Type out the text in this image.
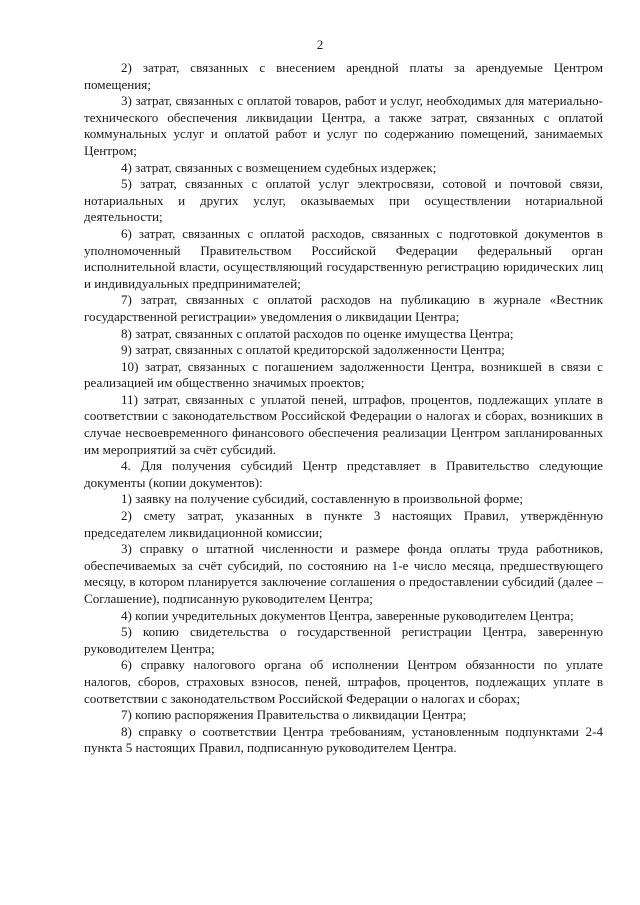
2

2) затрат, связанных с внесением арендной платы за арендуемые Центром помещения;

3) затрат, связанных с оплатой товаров, работ и услуг, необходимых для материально-технического обеспечения ликвидации Центра, а также затрат, связанных с оплатой коммунальных услуг и оплатой работ и услуг по содержанию помещений, занимаемых Центром;

4) затрат, связанных с возмещением судебных издержек;

5) затрат, связанных с оплатой услуг электросвязи, сотовой и почтовой связи, нотариальных и других услуг, оказываемых при осуществлении нотариальной деятельности;

6) затрат, связанных с оплатой расходов, связанных с подготовкой документов в уполномоченный Правительством Российской Федерации федеральный орган исполнительной власти, осуществляющий государственную регистрацию юридических лиц и индивидуальных предпринимателей;

7) затрат, связанных с оплатой расходов на публикацию в журнале «Вестник государственной регистрации» уведомления о ликвидации Центра;

8) затрат, связанных с оплатой расходов по оценке имущества Центра;

9) затрат, связанных с оплатой кредиторской задолженности Центра;

10) затрат, связанных с погашением задолженности Центра, возникшей в связи с реализацией им общественно значимых проектов;

11) затрат, связанных с уплатой пеней, штрафов, процентов, подлежащих уплате в соответствии с законодательством Российской Федерации о налогах и сборах, возникших в случае несвоевременного финансового обеспечения реализации Центром запланированных им мероприятий за счёт субсидий.

4. Для получения субсидий Центр представляет в Правительство следующие документы (копии документов):

1) заявку на получение субсидий, составленную в произвольной форме;

2) смету затрат, указанных в пункте 3 настоящих Правил, утверждённую председателем ликвидационной комиссии;

3) справку о штатной численности и размере фонда оплаты труда работников, обеспечиваемых за счёт субсидий, по состоянию на 1-е число месяца, предшествующего месяцу, в котором планируется заключение соглашения о предоставлении субсидий (далее – Соглашение), подписанную руководителем Центра;

4) копии учредительных документов Центра, заверенные руководителем Центра;

5) копию свидетельства о государственной регистрации Центра, заверенную руководителем Центра;

6) справку налогового органа об исполнении Центром обязанности по уплате налогов, сборов, страховых взносов, пеней, штрафов, процентов, подлежащих уплате в соответствии с законодательством Российской Федерации о налогах и сборах;

7) копию распоряжения Правительства о ликвидации Центра;

8) справку о соответствии Центра требованиям, установленным подпунктами 2-4 пункта 5 настоящих Правил, подписанную руководителем Центра.
